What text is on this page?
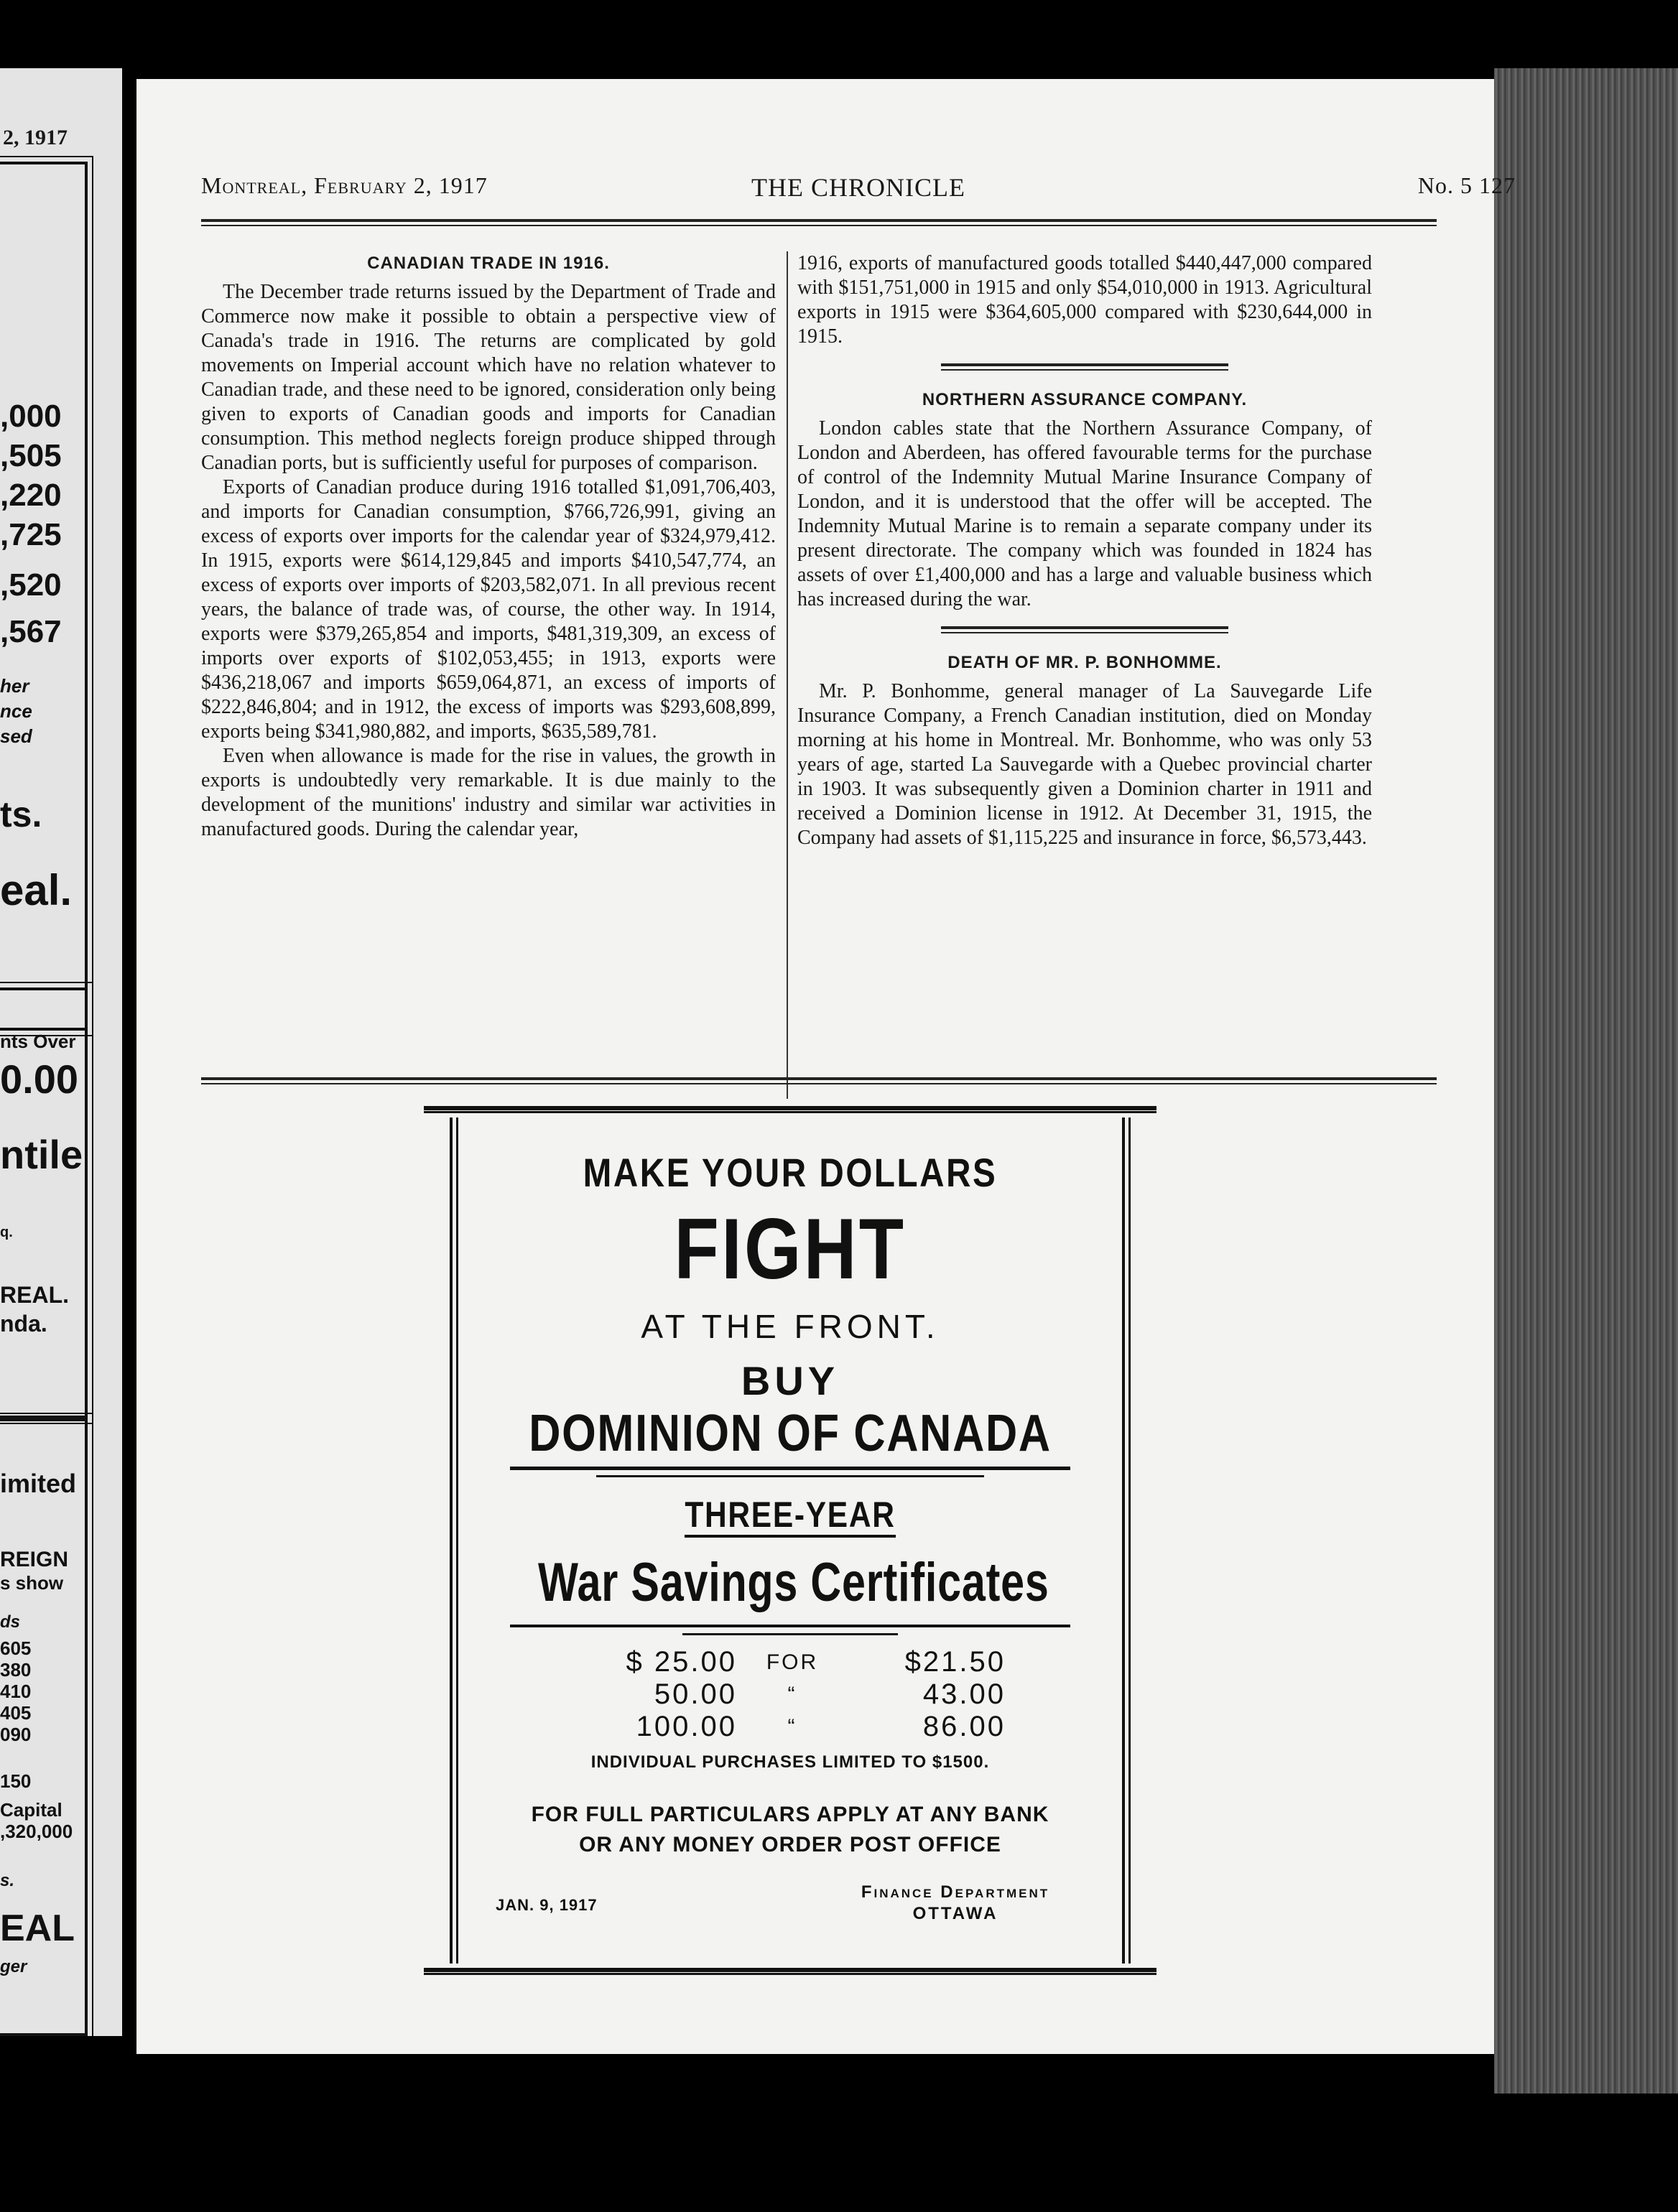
2, 1917
,000
,505
,220
,725
,520
,567
her
nce
sed
ts.
eal.
nts Over
0.00
ntile
q.
REAL.
nda.
imited
REIGN
s show
ds
605
380
410
405
090
150
Capital
,320,000
s.
EAL
ger
Montreal, February 2, 1917	THE CHRONICLE	No. 5 127
CANADIAN TRADE IN 1916.

The December trade returns issued by the Department of Trade and Commerce now make it possible to obtain a perspective view of Canada's trade in 1916. The returns are complicated by gold movements on Imperial account which have no relation whatever to Canadian trade, and these need to be ignored, consideration only being given to exports of Canadian goods and imports for Canadian consumption. This method neglects foreign produce shipped through Canadian ports, but is sufficiently useful for purposes of comparison.

Exports of Canadian produce during 1916 totalled $1,091,706,403, and imports for Canadian consumption, $766,726,991, giving an excess of exports over imports for the calendar year of $324,979,412. In 1915, exports were $614,129,845 and imports $410,547,774, an excess of exports over imports of $203,582,071. In all previous recent years, the balance of trade was, of course, the other way. In 1914, exports were $379,265,854 and imports, $481,319,309, an excess of imports over exports of $102,053,455; in 1913, exports were $436,218,067 and imports $659,064,871, an excess of imports of $222,846,804; and in 1912, the excess of imports was $293,608,899, exports being $341,980,882, and imports, $635,589,781.

Even when allowance is made for the rise in values, the growth in exports is undoubtedly very remarkable. It is due mainly to the development of the munitions' industry and similar war activities in manufactured goods. During the calendar year,

1916, exports of manufactured goods totalled $440,447,000 compared with $151,751,000 in 1915 and only $54,010,000 in 1913. Agricultural exports in 1915 were $364,605,000 compared with $230,644,000 in 1915.

NORTHERN ASSURANCE COMPANY.

London cables state that the Northern Assurance Company, of London and Aberdeen, has offered favourable terms for the purchase of control of the Indemnity Mutual Marine Insurance Company of London, and it is understood that the offer will be accepted. The Indemnity Mutual Marine is to remain a separate company under its present directorate. The company which was founded in 1824 has assets of over £1,400,000 and has a large and valuable business which has increased during the war.

DEATH OF MR. P. BONHOMME.

Mr. P. Bonhomme, general manager of La Sauvegarde Life Insurance Company, a French Canadian institution, died on Monday morning at his home in Montreal. Mr. Bonhomme, who was only 53 years of age, started La Sauvegarde with a Quebec provincial charter in 1903. It was subsequently given a Dominion charter in 1911 and received a Dominion license in 1912. At December 31, 1915, the Company had assets of $1,115,225 and insurance in force, $6,573,443.

MAKE YOUR DOLLARS
FIGHT
AT THE FRONT.
BUY
DOMINION OF CANADA
THREE-YEAR
War Savings Certificates
$ 25.00	FOR	$21.50
50.00	“	43.00
100.00	“	86.00
INDIVIDUAL PURCHASES LIMITED TO $1500.
FOR FULL PARTICULARS APPLY AT ANY BANK
OR ANY MONEY ORDER POST OFFICE
JAN. 9, 1917
Finance Department
OTTAWA
